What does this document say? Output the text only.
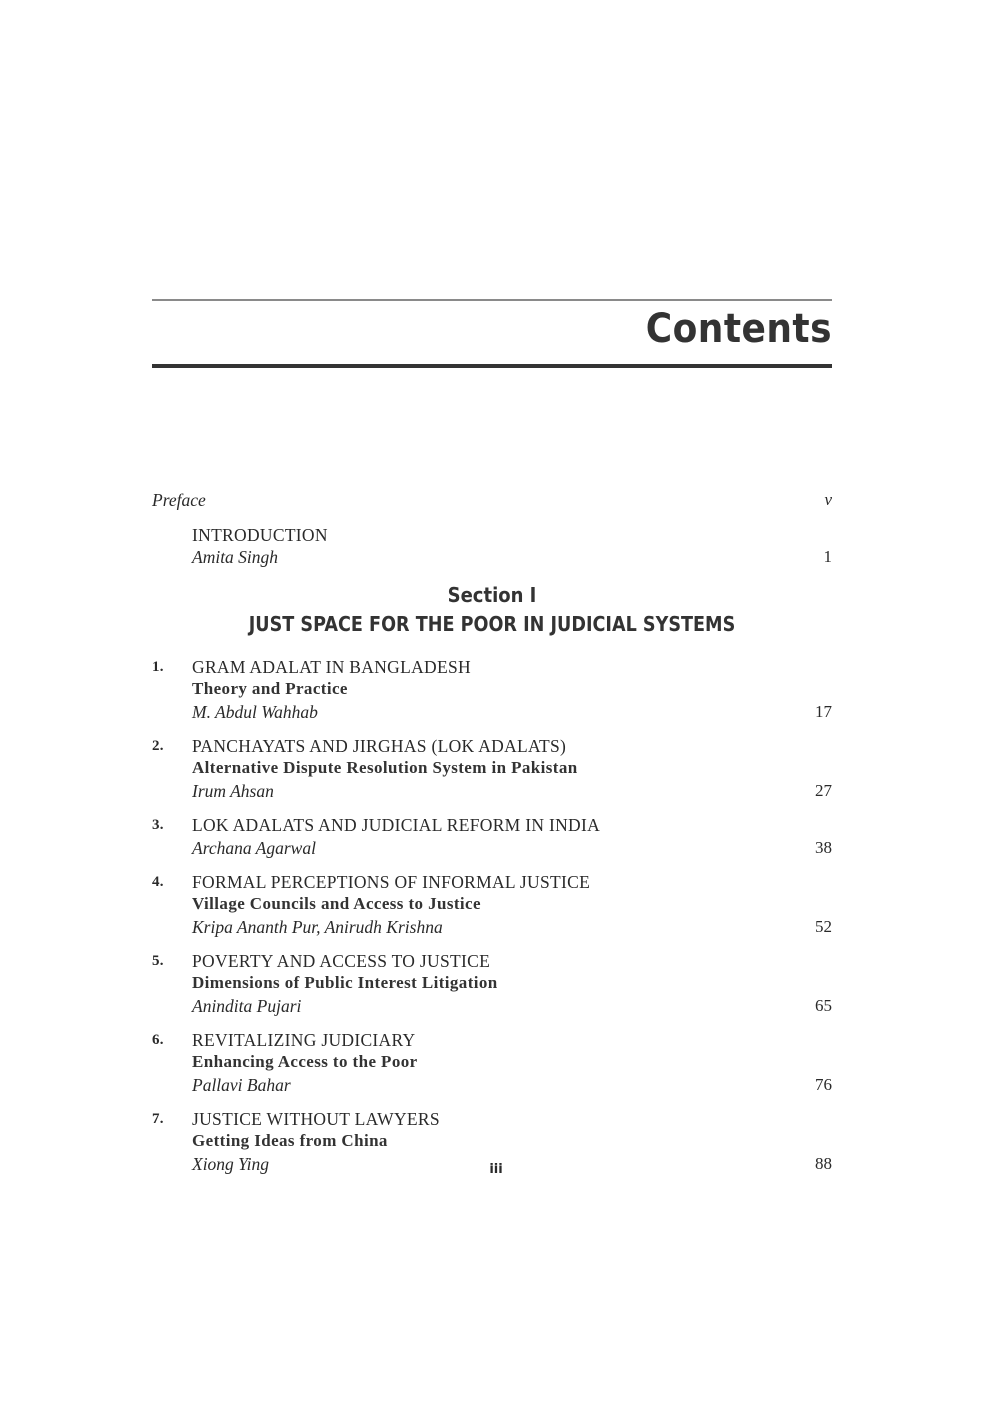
Contents
Preface	v
INTRODUCTION
Amita Singh	1
Section I
JUST SPACE FOR THE POOR IN JUDICIAL SYSTEMS
1. GRAM ADALAT IN BANGLADESH
Theory and Practice
M. Abdul Wahhab	17
2. PANCHAYATS AND JIRGHAS (LOK ADALATS)
Alternative Dispute Resolution System in Pakistan
Irum Ahsan	27
3. LOK ADALATS AND JUDICIAL REFORM IN INDIA
Archana Agarwal	38
4. FORMAL PERCEPTIONS OF INFORMAL JUSTICE
Village Councils and Access to Justice
Kripa Ananth Pur, Anirudh Krishna	52
5. POVERTY AND ACCESS TO JUSTICE
Dimensions of Public Interest Litigation
Anindita Pujari	65
6. REVITALIZING JUDICIARY
Enhancing Access to the Poor
Pallavi Bahar	76
7. JUSTICE WITHOUT LAWYERS
Getting Ideas from China
Xiong Ying	88
iii
